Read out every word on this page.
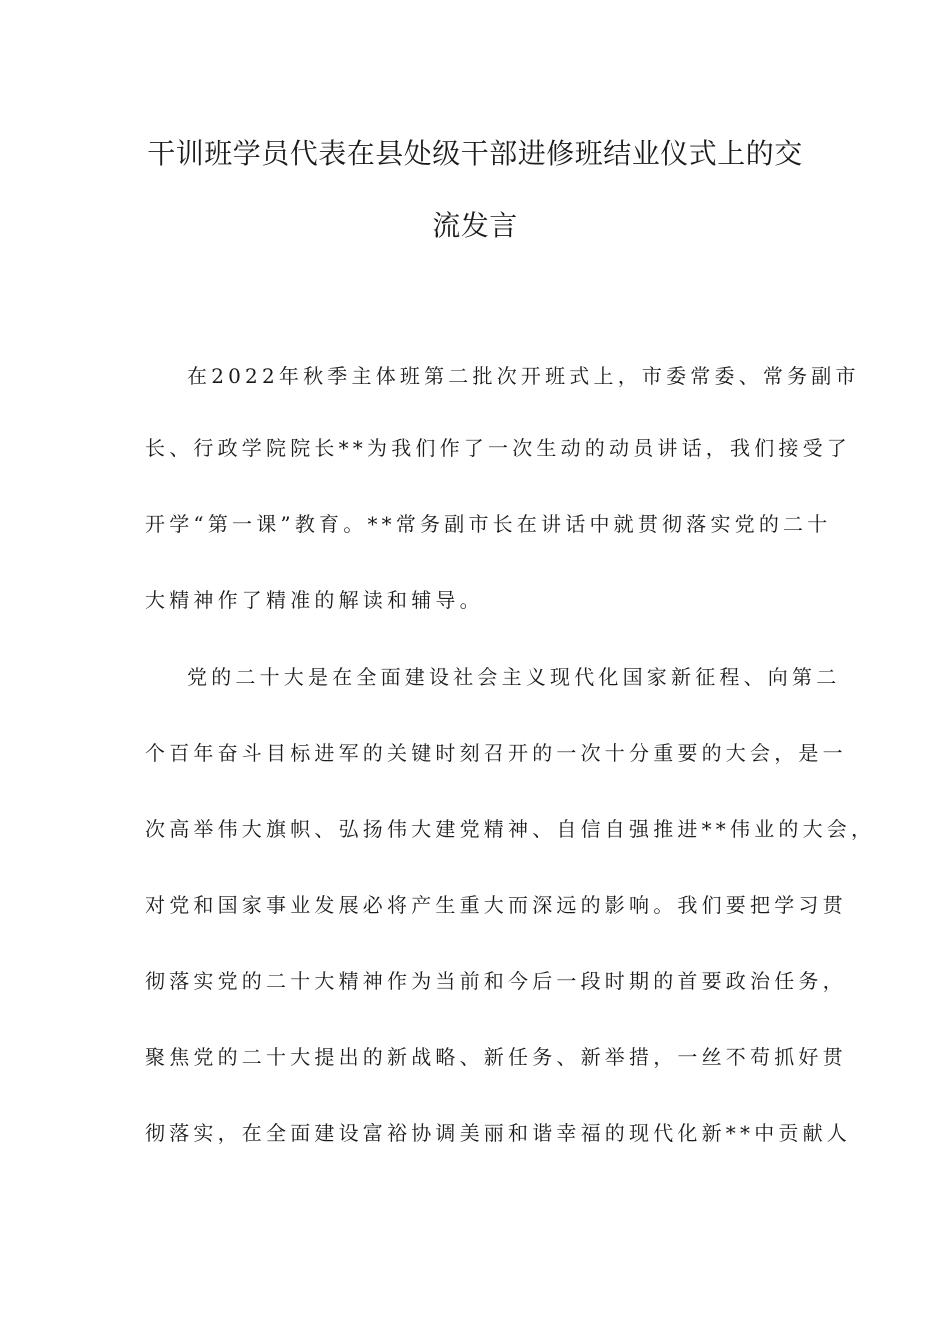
干训班学员代表在县处级干部进修班结业仪式上的交
流发言
在2022年秋季主体班第二批次开班式上，市委常委、常务副市
长、行政学院院长**为我们作了一次生动的动员讲话，我们接受了
开学“第一课”教育。**常务副市长在讲话中就贯彻落实党的二十
大精神作了精准的解读和辅导。
党的二十大是在全面建设社会主义现代化国家新征程、向第二
个百年奋斗目标进军的关键时刻召开的一次十分重要的大会，是一
次高举伟大旗帜、弘扬伟大建党精神、自信自强推进**伟业的大会，
对党和国家事业发展必将产生重大而深远的影响。我们要把学习贯
彻落实党的二十大精神作为当前和今后一段时期的首要政治任务，
聚焦党的二十大提出的新战略、新任务、新举措，一丝不苟抓好贯
彻落实，在全面建设富裕协调美丽和谐幸福的现代化新**中贡献人
